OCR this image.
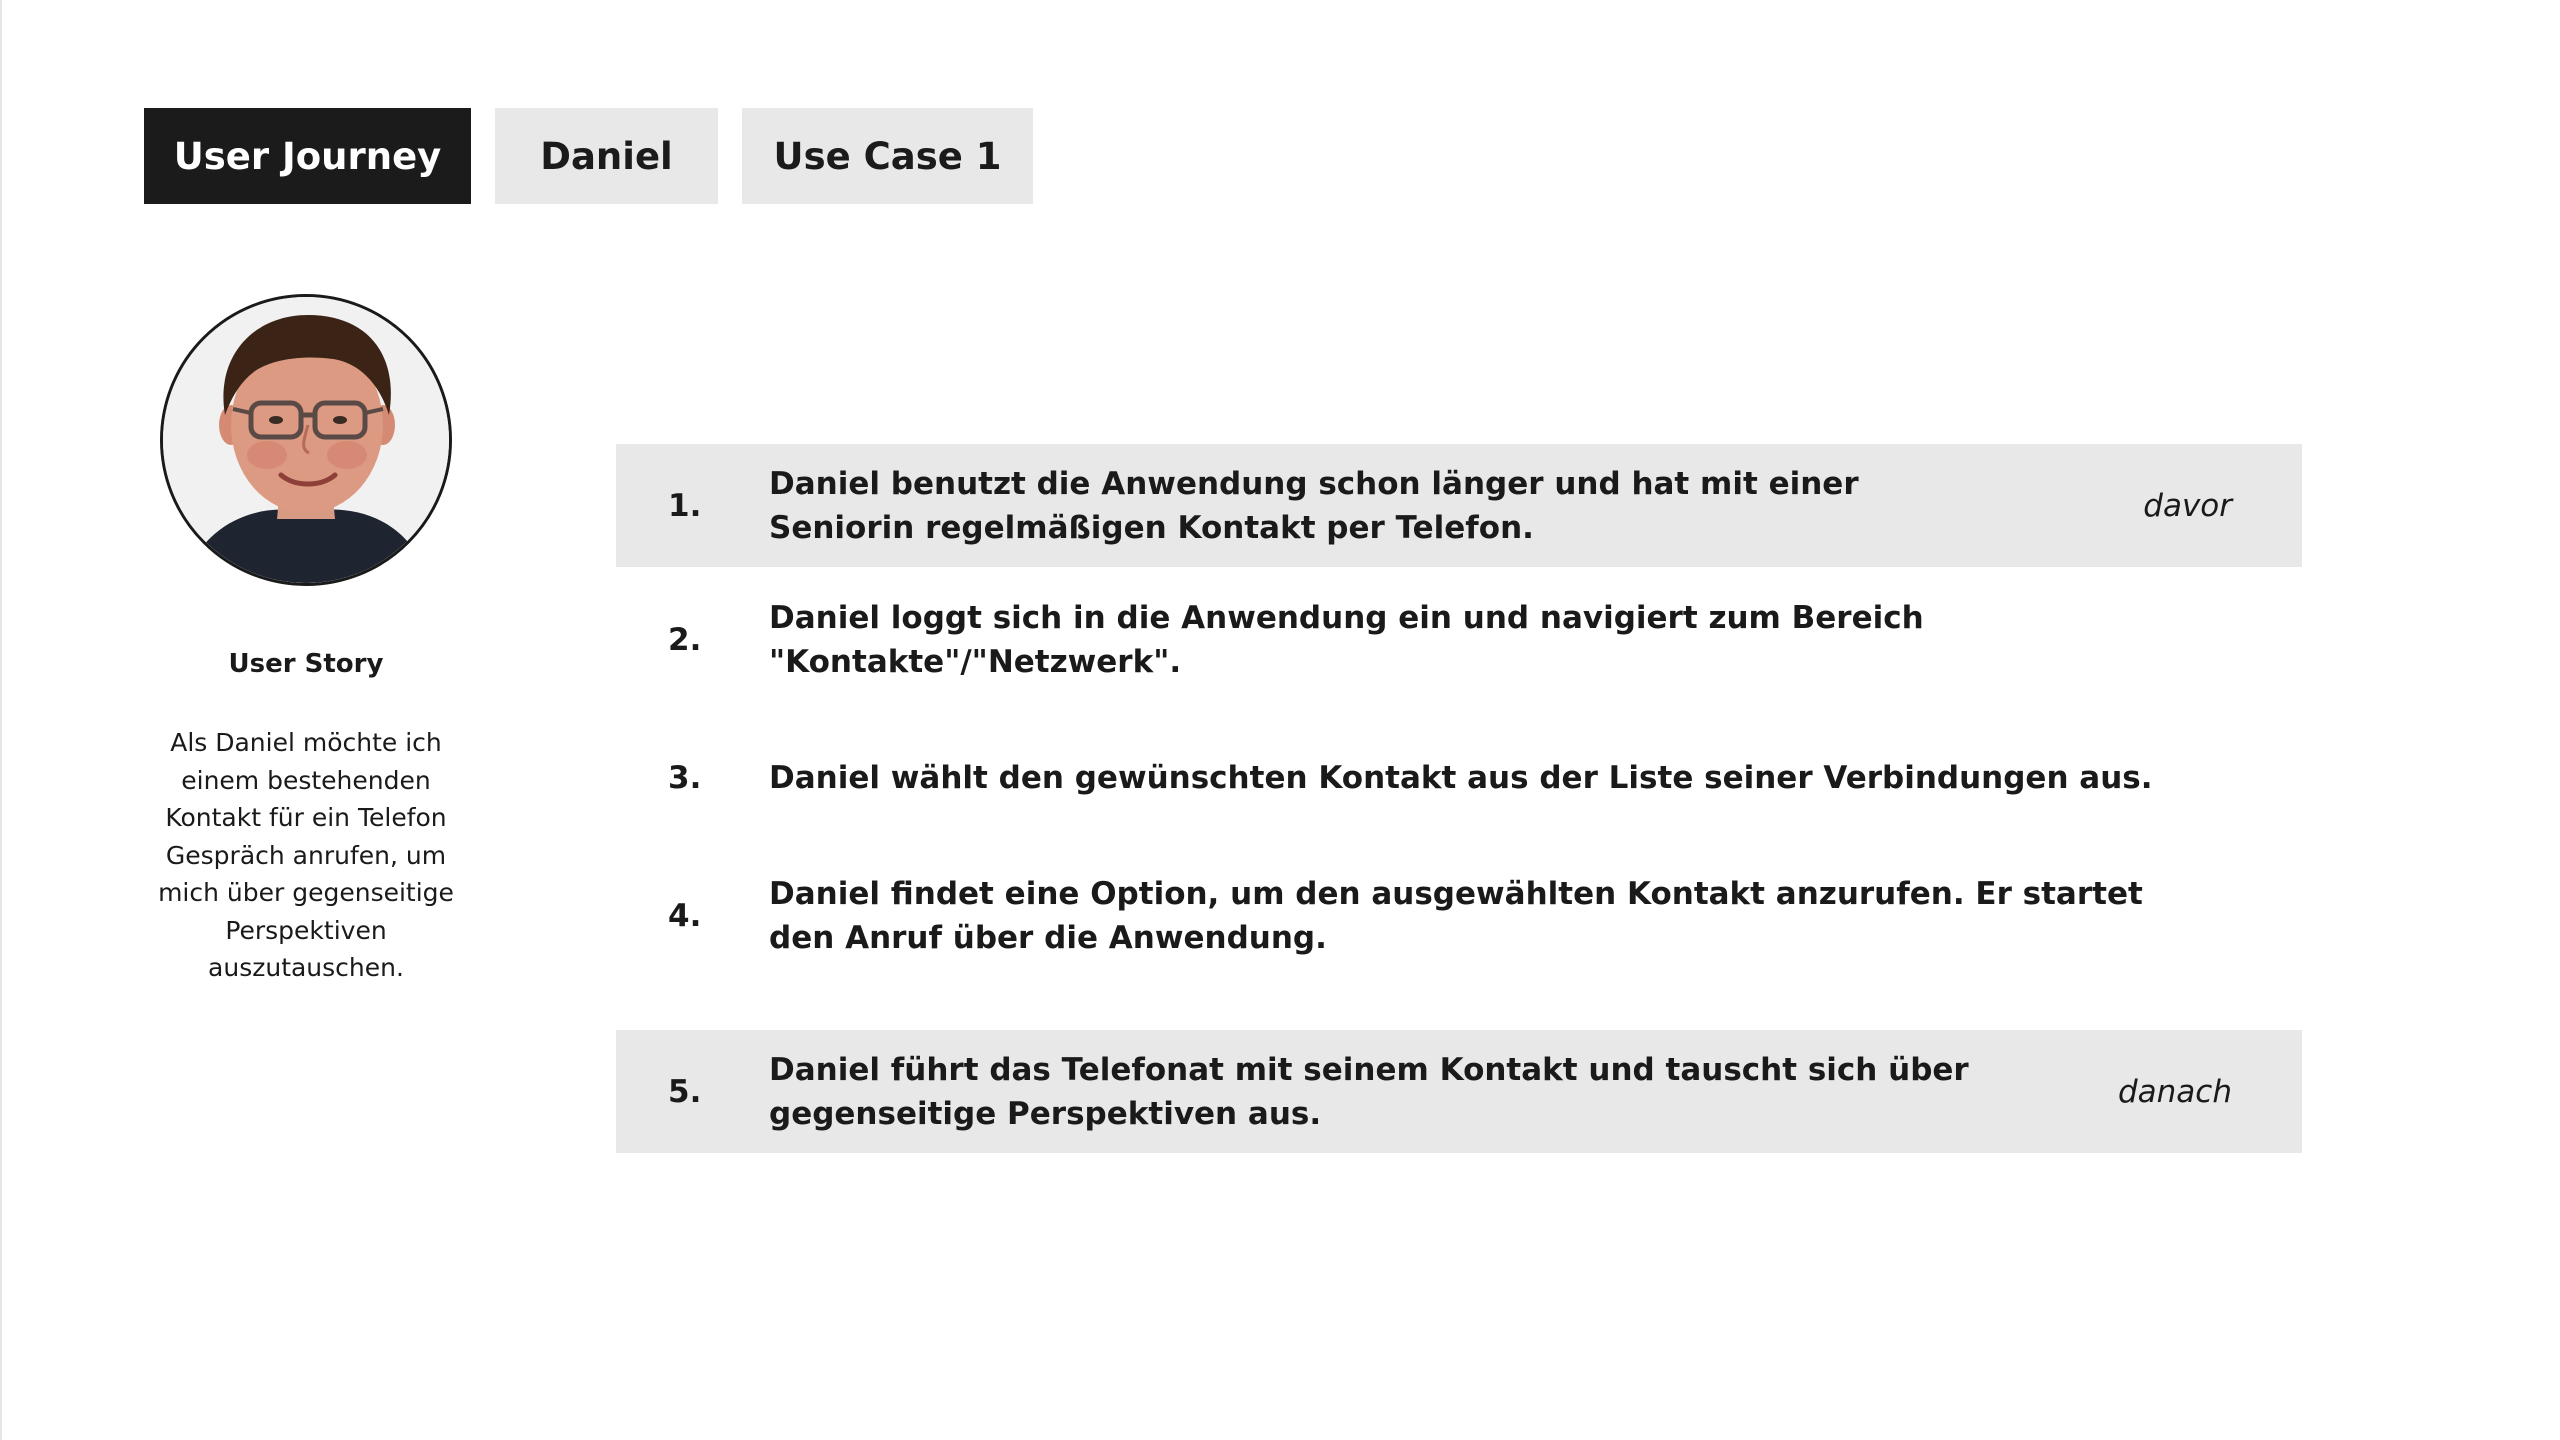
User Journey	Daniel	Use Case 1
User Story
Als Daniel möchte ich einem bestehenden Kontakt für ein Telefon Gespräch anrufen, um mich über gegenseitige Perspektiven auszutauschen.
1.
Daniel benutzt die Anwendung schon länger und hat mit einer
Seniorin regelmäßigen Kontakt per Telefon.
davor
2.
Daniel loggt sich in die Anwendung ein und navigiert zum Bereich "Kontakte"/"Netzwerk".
3. Daniel wählt den gewünschten Kontakt aus der Liste seiner Verbindungen aus.
4.
Daniel findet eine Option, um den ausgewählten Kontakt anzurufen. Er startet
den Anruf über die Anwendung.
5.
Daniel führt das Telefonat mit seinem Kontakt und tauscht sich über
gegenseitige Perspektiven aus.
danach
